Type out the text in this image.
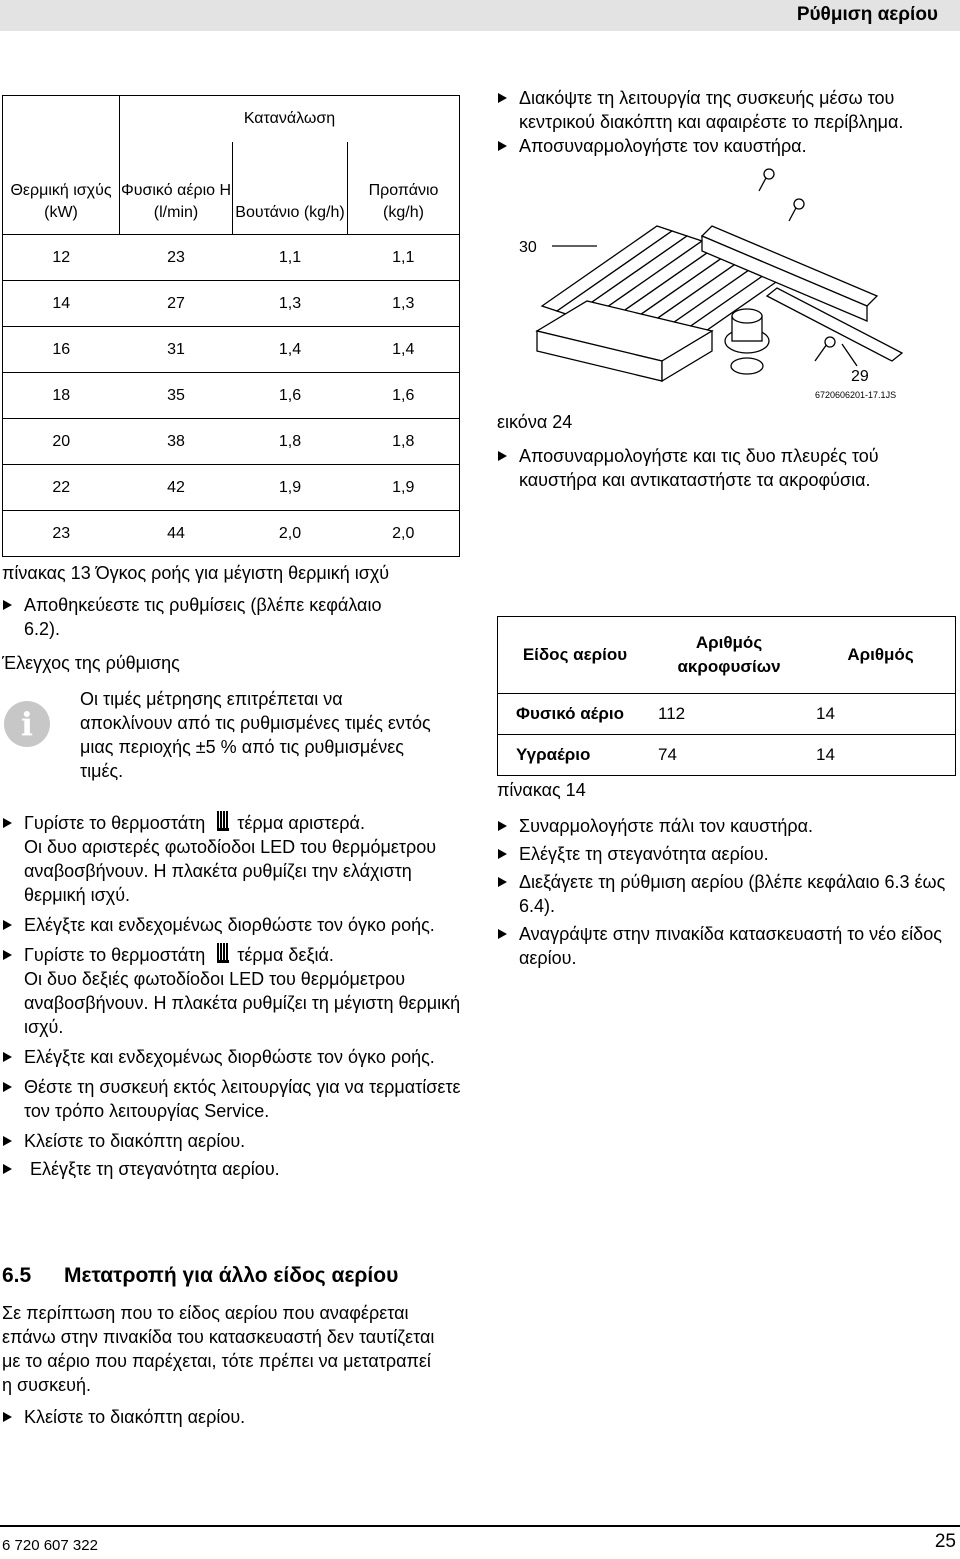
Ρύθμιση αερίου
Θερμική ισχύς (kW)	Κατανάλωση		
	Φυσικό αέριο H (l/min)	Βουτάνιο (kg/h)	Προπάνιο (kg/h)
12	23	1,1	1,1
14	27	1,3	1,3
16	31	1,4	1,4
18	35	1,6	1,6
20	38	1,8	1,8
22	42	1,9	1,9
23	44	2,0	2,0
πίνακας 13 Όγκος ροής για μέγιστη θερμική ισχύ
Αποθηκεύεστε τις ρυθμίσεις (βλέπε κεφάλαιο 6.2).
Έλεγχος της ρύθμισης
i
Οι τιμές μέτρησης επιτρέπεται να αποκλίνουν από τις ρυθμισμένες τιμές εντός μιας περιοχής ±5 % από τις ρυθμισμένες τιμές.
Γυρίστε το θερμοστάτη τέρμα αριστερά.
Οι δυο αριστερές φωτοδίοδοι LED του θερμόμετρου αναβοσβήνουν. Η πλακέτα ρυθμίζει την ελάχιστη θερμική ισχύ.
Ελέγξτε και ενδεχομένως διορθώστε τον όγκο ροής.
Γυρίστε το θερμοστάτη τέρμα δεξιά.
Οι δυο δεξιές φωτοδίοδοι LED του θερμόμετρου αναβοσβήνουν. Η πλακέτα ρυθμίζει τη μέγιστη θερμική ισχύ.
Ελέγξτε και ενδεχομένως διορθώστε τον όγκο ροής.
Θέστε τη συσκευή εκτός λειτουργίας για να τερματίσετε τον τρόπο λειτουργίας Service.
Κλείστε το διακόπτη αερίου.
Ελέγξτε τη στεγανότητα αερίου.
6.5 Μετατροπή για άλλο είδος αερίου
Σε περίπτωση που το είδος αερίου που αναφέρεται επάνω στην πινακίδα του κατασκευαστή δεν ταυτίζεται με το αέριο που παρέχεται, τότε πρέπει να μετατραπεί η συσκευή.
Κλείστε το διακόπτη αερίου.
Διακόψτε τη λειτουργία της συσκευής μέσω του κεντρικού διακόπτη και αφαιρέστε το περίβλημα.
Αποσυναρμολογήστε τον καυστήρα.
30
29
6720606201-17.1JS
εικόνα 24
Αποσυναρμολογήστε και τις δυο πλευρές τού καυστήρα και αντικαταστήστε τα ακροφύσια.
Είδος αερίου	Αριθμός ακροφυσίων	Αριθμός
Φυσικό αέριο	112	14
Υγραέριο	74	14
πίνακας 14
Συναρμολογήστε πάλι τον καυστήρα.
Ελέγξτε τη στεγανότητα αερίου.
Διεξάγετε τη ρύθμιση αερίου (βλέπε κεφάλαιο 6.3 έως 6.4).
Αναγράψτε στην πινακίδα κατασκευαστή το νέο είδος αερίου.
6 720 607 322	25
